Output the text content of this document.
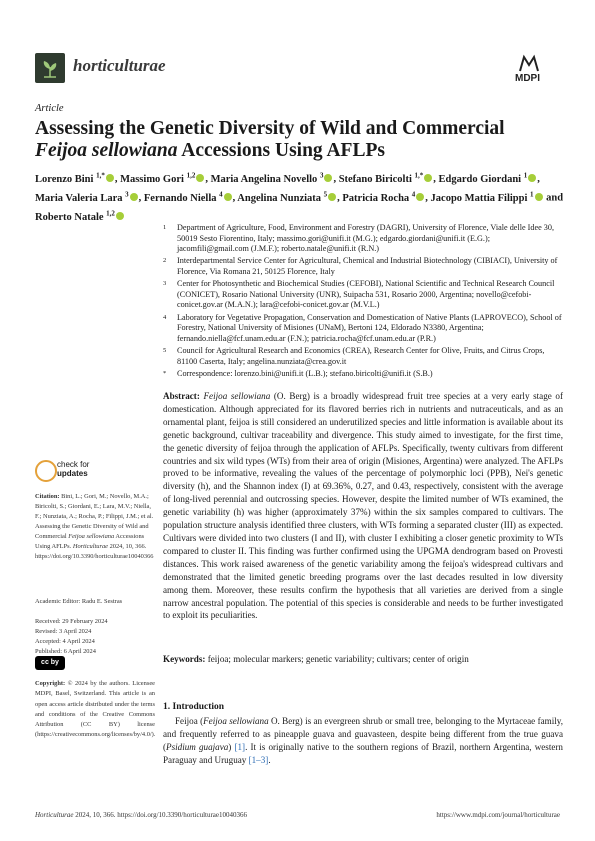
horticulturae
MDPI
Article
Assessing the Genetic Diversity of Wild and Commercial Feijoa sellowiana Accessions Using AFLPs
Lorenzo Bini $^{1,*}$ , Massimo Gori $^{1,2}$ , Maria Angelina Novello $^3$ , Stefano Biricolti $^{1,*}$ , Edgardo Giordani $^1$ , Maria Valeria Lara $^3$ , Fernando Niella $^4$ , Angelina Nunziata $^5$ , Patricia Rocha $^4$ , Jacopo Mattia Filippi $^1$ and Roberto Natale $^{1,2}$
1 Department of Agriculture, Food, Environment and Forestry (DAGRI), University of Florence, Viale delle Idee 30, 50019 Sesto Fiorentino, Italy; massimo.gori@unifi.it (M.G.); edgardo.giordani@unifi.it (E.G.); jacomfili@gmail.com (J.M.F.); roberto.natale@unifi.it (R.N.)
2 Interdepartmental Service Center for Agricultural, Chemical and Industrial Biotechnology (CIBIACI), University of Florence, Via Romana 21, 50125 Florence, Italy
3 Center for Photosynthetic and Biochemical Studies (CEFOBI), National Scientific and Technical Research Council (CONICET), Rosario National University (UNR), Suipacha 531, Rosario 2000, Argentina; novello@cefobi-conicet.gov.ar (M.A.N.); lara@cefobi-conicet.gov.ar (M.V.L.)
4 Laboratory for Vegetative Propagation, Conservation and Domestication of Native Plants (LAPROVECO), School of Forestry, National University of Misiones (UNaM), Bertoni 124, Eldorado N3380, Argentina; fernando.niella@fcf.unam.edu.ar (F.N.); patricia.rocha@fcf.unam.edu.ar (P.R.)
5 Council for Agricultural Research and Economics (CREA), Research Center for Olive, Fruits, and Citrus Crops, 81100 Caserta, Italy; angelina.nunziata@crea.gov.it
* Correspondence: lorenzo.bini@unifi.it (L.B.); stefano.biricolti@unifi.it (S.B.)
check for
updates
Citation: Bini, L.; Gori, M.; Novello, M.A.; Biricolti, S.; Giordani, E.; Lara, M.V.; Niella, F.; Nunziata, A.; Rocha, P.; Filippi, J.M.; et al. Assessing the Genetic Diversity of Wild and Commercial Feijoa sellowiana Accessions Using AFLPs. Horticulturae 2024, 10, 366. https://doi.org/10.3390/horticulturae10040366
Academic Editor: Radu E. Sestras
Received: 29 February 2024
Revised: 3 April 2024
Accepted: 4 April 2024
Published: 6 April 2024
cc by
Copyright: © 2024 by the authors. Licensee MDPI, Basel, Switzerland. This article is an open access article distributed under the terms and conditions of the Creative Commons Attribution (CC BY) license (https://creativecommons.org/licenses/by/4.0/).
Abstract: Feijoa sellowiana (O. Berg) is a broadly widespread fruit tree species at a very early stage of domestication. Although appreciated for its flavored berries rich in nutrients and nutraceuticals, and as an ornamental plant, feijoa is still considered an underutilized species and little information is available about its genetic background, cultivar traceability and divergence. This study aimed to investigate, for the first time, the genetic diversity of feijoa through the application of AFLPs. Specifically, twenty cultivars from different countries and six wild types (WTs) from their area of origin (Misiones, Argentina) were analyzed. The AFLPs proved to be informative, revealing the values of the percentage of polymorphic loci (PPB), Nei's genetic diversity (h), and the Shannon index (I) at 69.36%, 0.27, and 0.43, respectively, consistent with the average of long-lived perennial and outcrossing species. However, despite the limited number of WTs examined, the genetic variability (h) was higher (approximately 37%) within the six samples compared to cultivars. The population structure analysis identified three clusters, with WTs forming a separated cluster (III) as expected. Cultivars were divided into two clusters (I and II), with cluster I exhibiting a closer genetic proximity to WTs compared to cluster II. This finding was further confirmed using the UPGMA dendrogram based on Provesti distances. This work raised awareness of the genetic variability among the feijoa's widespread cultivars and demonstrated that the limited genetic breeding programs over the last decades resulted in low diversity among them. Moreover, these results confirm the hypothesis that all varieties are derived from a single narrow ancestral population. The potential of this species is considerable and needs to be further investigated to exploit its peculiarities.
Keywords: feijoa; molecular markers; genetic variability; cultivars; center of origin
1. Introduction
Feijoa (Feijoa sellowiana O. Berg) is an evergreen shrub or small tree, belonging to the Myrtaceae family, and frequently referred to as pineapple guava and guavasteen, despite being different from the true guava (Psidium guajava) [1]. It is originally native to the southern regions of Brazil, northern Argentina, western Paraguay and Uruguay [1–3].
Horticulturae 2024, 10, 366. https://doi.org/10.3390/horticulturae10040366	https://www.mdpi.com/journal/horticulturae
